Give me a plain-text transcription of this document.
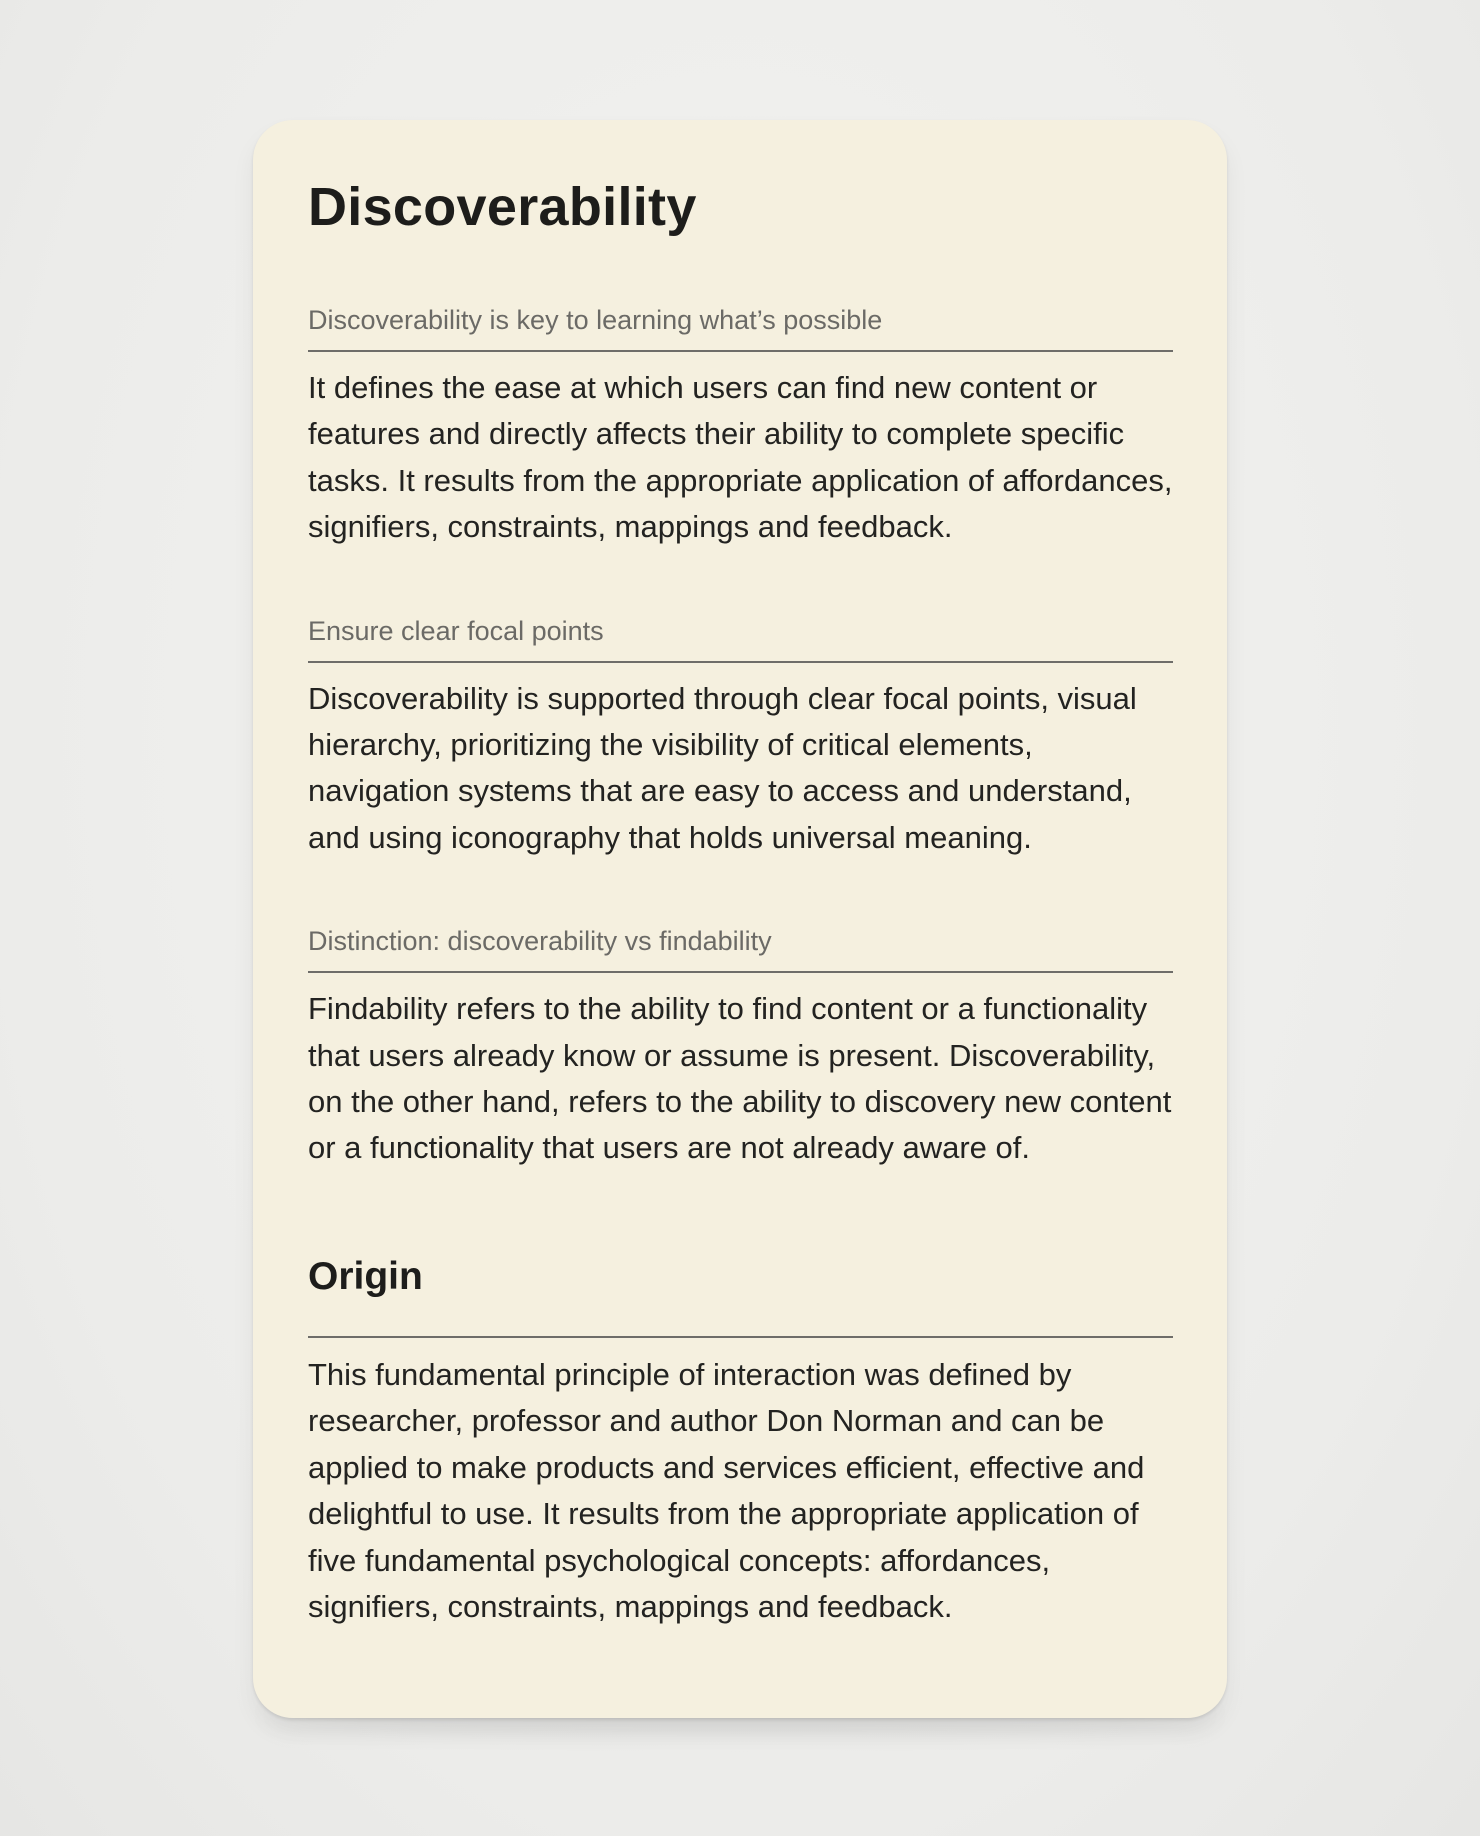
Discoverability
Discoverability is key to learning what’s possible

It defines the ease at which users can find new content or features and directly affects their ability to complete specific tasks. It results from the appropriate application of affordances, signifiers, constraints, mappings and feedback.

Ensure clear focal points

Discoverability is supported through clear focal points, visual hierarchy, prioritizing the visibility of critical elements, navigation systems that are easy to access and understand, and using iconography that holds universal meaning.

Distinction: discoverability vs findability

Findability refers to the ability to find content or a functionality that users already know or assume is present. Discoverability, on the other hand, refers to the ability to discovery new content or a functionality that users are not already aware of.

Origin

This fundamental principle of interaction was defined by researcher, professor and author Don Norman and can be applied to make products and services efficient, effective and delightful to use. It results from the appropriate application of five fundamental psychological concepts: affordances, signifiers, constraints, mappings and feedback.
